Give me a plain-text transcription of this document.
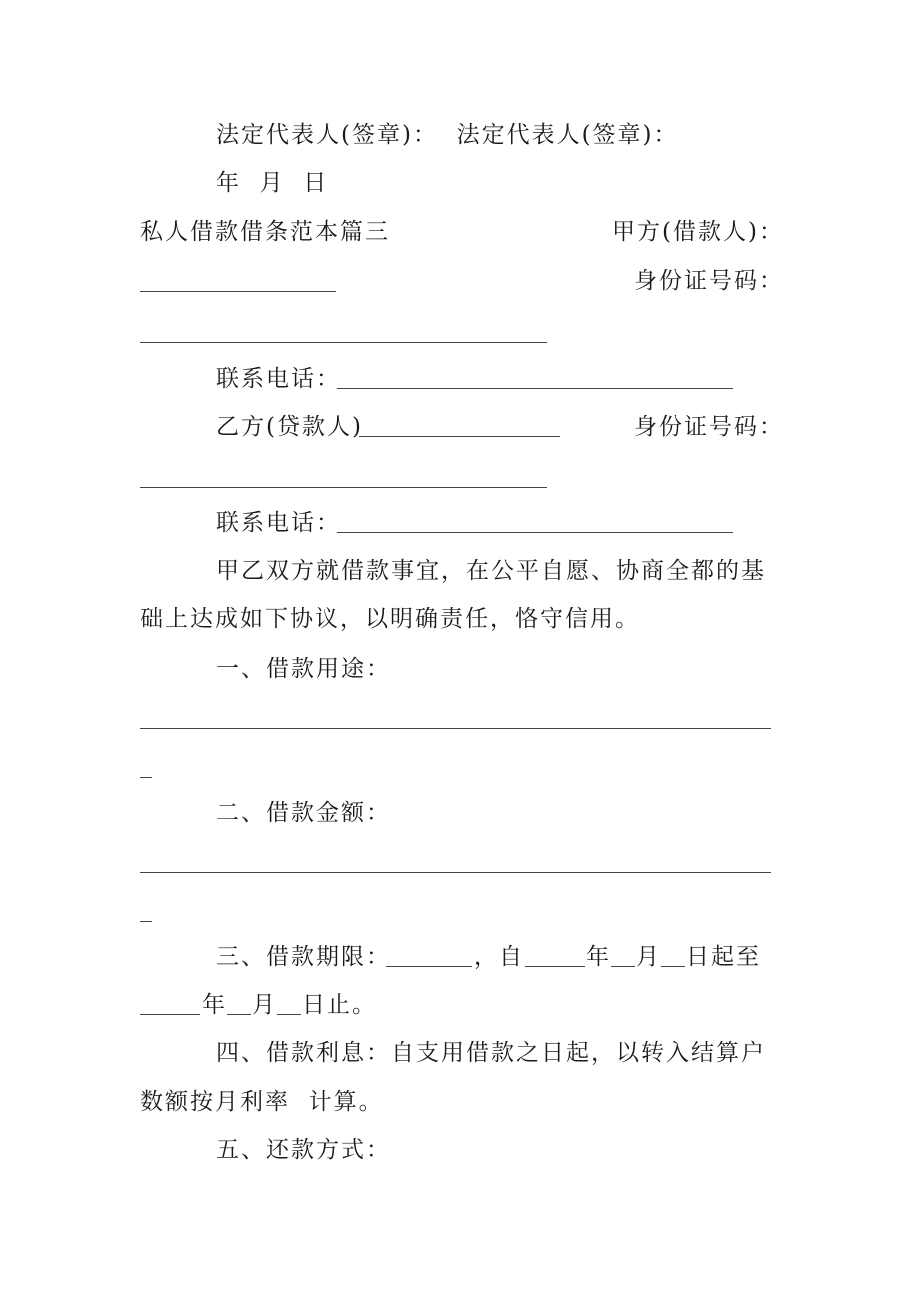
法定代表人(签章)：  法定代表人(签章)：
年  月  日
私人借款借条范本篇三	甲方(借款人)：
身份证号码：
联系电话：
乙方(贷款人)	身份证号码：
联系电话：
甲乙双方就借款事宜，在公平自愿、协商全都的基
础上达成如下协议，以明确责任，恪守信用。
一、借款用途：
二、借款金额：
三、借款期限：	，自	年 月 日起至
年 月 日止。
四、借款利息：自支用借款之日起，以转入结算户
数额按月利率  计算。
五、还款方式：
